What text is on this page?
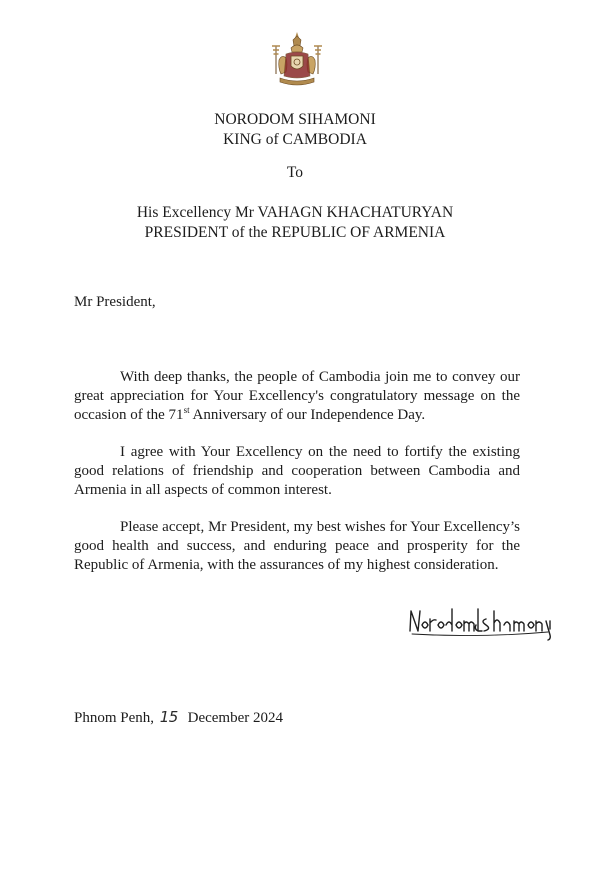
NORODOM SIHAMONI
KING of CAMBODIA
To
His Excellency Mr VAHAGN KHACHATURYAN
PRESIDENT of the REPUBLIC OF ARMENIA
Mr President,

With deep thanks, the people of Cambodia join me to convey our
great appreciation for Your Excellency's congratulatory message on the
occasion of the 71st Anniversary of our Independence Day.

I agree with Your Excellency on the need to fortify the existing
good relations of friendship and cooperation between Cambodia and
Armenia in all aspects of common interest.

Please accept, Mr President, my best wishes for Your Excellency’s
good health and success, and enduring peace and prosperity for the
Republic of Armenia, with the assurances of my highest consideration.

Phnom Penh, 15 December 2024
